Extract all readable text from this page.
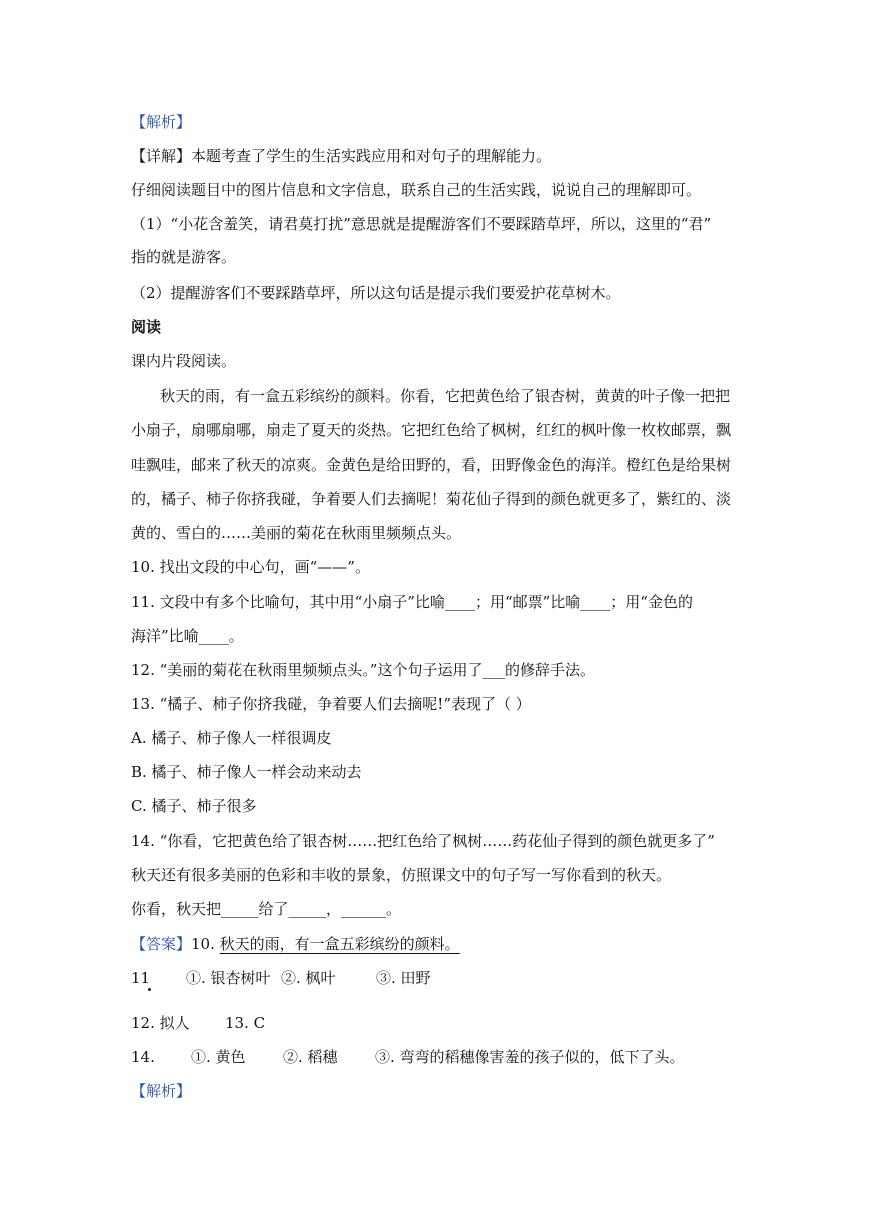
【解析】
【详解】本题考查了学生的生活实践应用和对句子的理解能力。
仔细阅读题目中的图片信息和文字信息，联系自己的生活实践，说说自己的理解即可。
（1）“小花含羞笑，请君莫打扰”意思就是提醒游客们不要踩踏草坪，所以，这里的“君”
指的就是游客。
（2）提醒游客们不要踩踏草坪，所以这句话是提示我们要爱护花草树木。
阅读
课内片段阅读。
秋天的雨，有一盒五彩缤纷的颜料。你看，它把黄色给了银杏树，黄黄的叶子像一把把
小扇子，扇哪扇哪，扇走了夏天的炎热。它把红色给了枫树，红红的枫叶像一枚枚邮票，飘
哇飘哇，邮来了秋天的凉爽。金黄色是给田野的，看，田野像金色的海洋。橙红色是给果树
的，橘子、柿子你挤我碰，争着要人们去摘呢！菊花仙子得到的颜色就更多了，紫红的、淡
黄的、雪白的……美丽的菊花在秋雨里频频点头。
10. 找出文段的中心句，画“——”。
11. 文段中有多个比喻句，其中用“小扇子”比喻____；用“邮票”比喻____；用“金色的
海洋”比喻____。
12. “美丽的菊花在秋雨里频频点头。”这个句子运用了___的修辞手法。
13. “橘子、柿子你挤我碰，争着要人们去摘呢!”表现了（ ）
A. 橘子、柿子像人一样很调皮
B. 橘子、柿子像人一样会动来动去
C. 橘子、柿子很多
14. “你看，它把黄色给了银杏树……把红色给了枫树……药花仙子得到的颜色就更多了”
秋天还有很多美丽的色彩和丰收的景象，仿照课文中的句子写一写你看到的秋天。
你看，秋天把_____给了_____，______。
【答案】10. 秋天的雨，有一盒五彩缤纷的颜料。
11 ①. 银杏树叶 ②. 枫叶	③. 田野
12. 拟人 13. C
14. ①. 黄色 ②. 稻穗 ③. 弯弯的稻穗像害羞的孩子似的，低下了头。
【解析】
